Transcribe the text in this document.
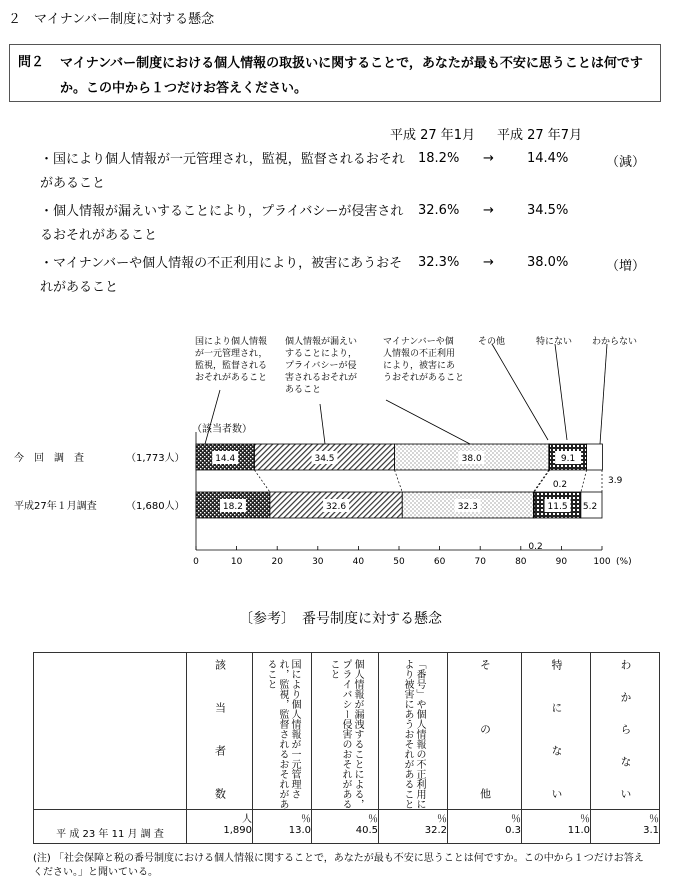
２　マイナンバー制度に対する懸念
問２ マイナンバー制度における個人情報の取扱いに関することで，あなたが最も不安に思うことは何ですか。この中から１つだけお答えください。
平成 27 年1月 平成 27 年7月
・国により個人情報が一元管理され，監視，監督されるおそれがあること
18.2% →	14.4%	（減）
・個人情報が漏えいすることにより，プライバシーが侵害されるおそれがあること
32.6% →	34.5%
・マイナンバーや個人情報の不正利用により，被害にあうおそれがあること
32.3% →	38.0%	（増）
国により個人情報
が一元管理され，
監視，監督される
おそれがあること
個人情報が漏えい
することにより，
プライバシーが侵
害されるおそれが
あること
マイナンバーや個
人情報の不正利用
により，被害にあ
うおそれがあること
その他	特にない わからない
（該当者数）
今　回　調　査	（1,773人）	14.4	34.5	38.0	9.1
3.9
0.2
平成27年１月調査	（1,680人）	18.2	32.6	32.3	11.5 5.2
0.2
0	10	20	30	40	50	60	70	80	90	100 (%)
〔参考〕　番号制度に対する懸念

	該当者数	国により個人情報が一元管理され，監視，監督されるおそれがあること	個人情報が漏洩することによる，プライバシー侵害のおそれがあること	「番号」や個人情報の不正利用により被害にあうおそれがあること	その他	特にない	わからない

	人	％	％	％	％	％	％
平 成 23 年 11 月 調 査	1,890	13.0	40.5	32.2	0.3	11.0	3.1
(注) 「社会保障と税の番号制度における個人情報に関することで，あなたが最も不安に思うことは何ですか。この中から１つだけお答えください。」と聞いている。
